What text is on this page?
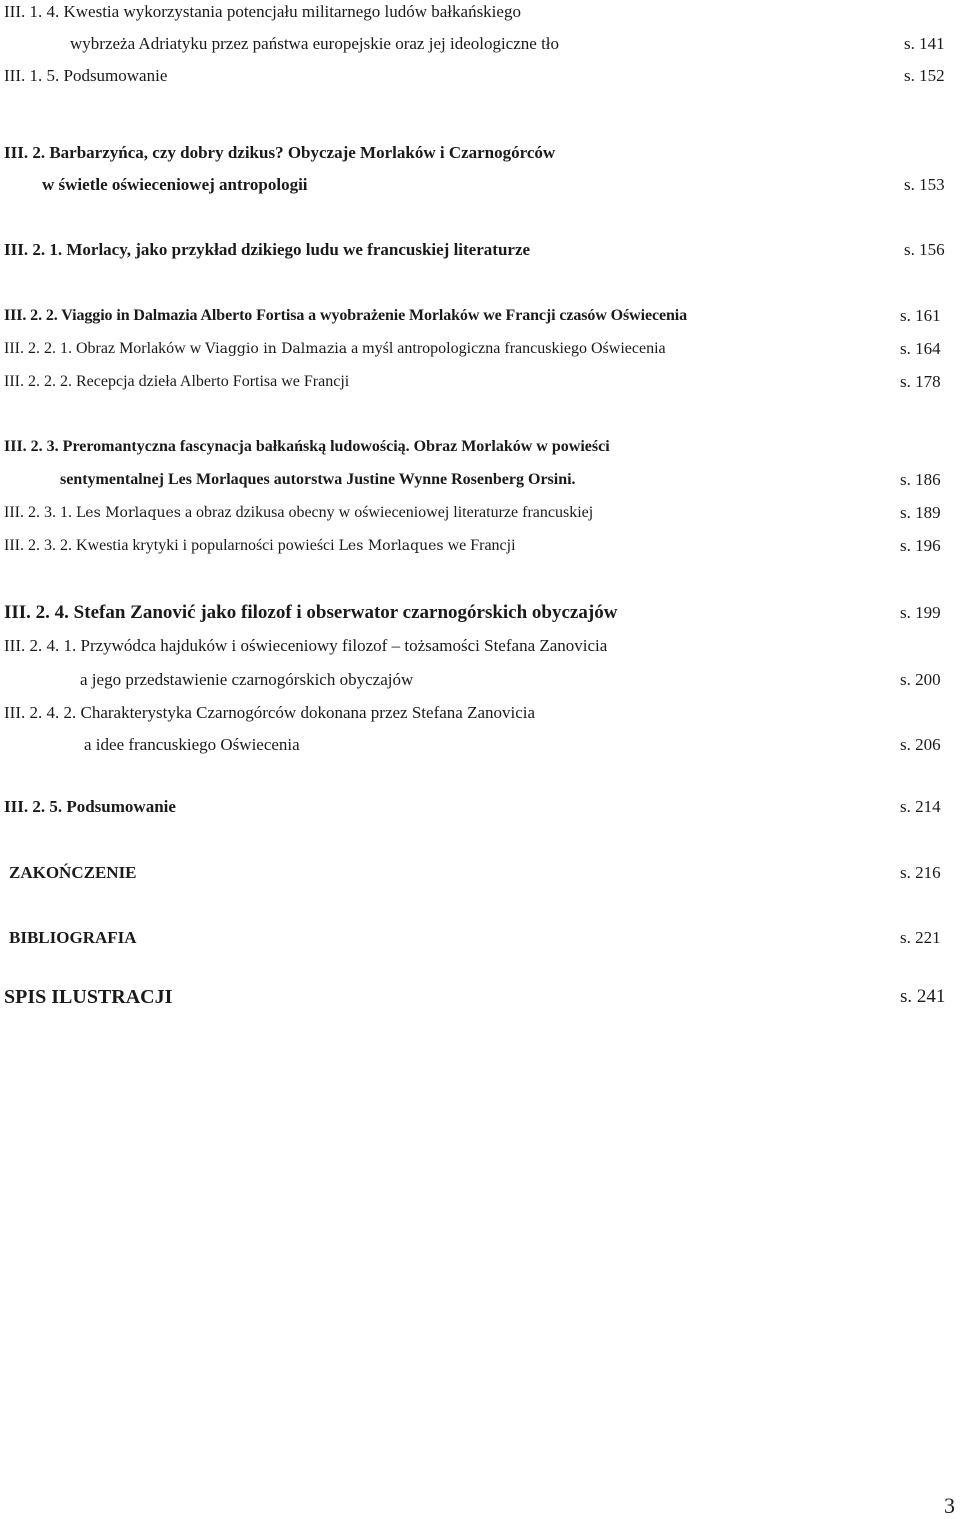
III. 1. 4. Kwestia wykorzystania potencjału militarnego ludów bałkańskiego
wybrzeża Adriatyku przez państwa europejskie oraz jej ideologiczne tło	s. 141
III. 1. 5. Podsumowanie	s. 152
III. 2. Barbarzyńca, czy dobry dzikus? Obyczaje Morlaków i Czarnogórców
w świetle oświeceniowej antropologii	s. 153
III. 2. 1. Morlacy, jako przykład dzikiego ludu we francuskiej literaturze	s. 156
III. 2. 2. Viaggio in Dalmazia Alberto Fortisa a wyobrażenie Morlaków we Francji czasów Oświecenia	s. 161
III. 2. 2. 1. Obraz Morlaków w Viaggio in Dalmazia a myśl antropologiczna francuskiego Oświecenia	s. 164
III. 2. 2. 2. Recepcja dzieła Alberto Fortisa we Francji	s. 178
III. 2. 3. Preromantyczna fascynacja bałkańską ludowością. Obraz Morlaków w powieści
sentymentalnej Les Morlaques autorstwa Justine Wynne Rosenberg Orsini.	s. 186
III. 2. 3. 1. Les Morlaques a obraz dzikusa obecny w oświeceniowej literaturze francuskiej	s. 189
III. 2. 3. 2. Kwestia krytyki i popularności powieści Les Morlaques we Francji	s. 196
III. 2. 4. Stefan Zanović jako filozof i obserwator czarnogórskich obyczajów	s. 199
III. 2. 4. 1. Przywódca hajduków i oświeceniowy filozof – tożsamości Stefana Zanovicia
a jego przedstawienie czarnogórskich obyczajów	s. 200
III. 2. 4. 2. Charakterystyka Czarnogórców dokonana przez Stefana Zanovicia
a idee francuskiego Oświecenia	s. 206
III. 2. 5. Podsumowanie	s. 214
ZAKOŃCZENIE	s. 216
BIBLIOGRAFIA	s. 221
SPIS ILUSTRACJI	s. 241
3
